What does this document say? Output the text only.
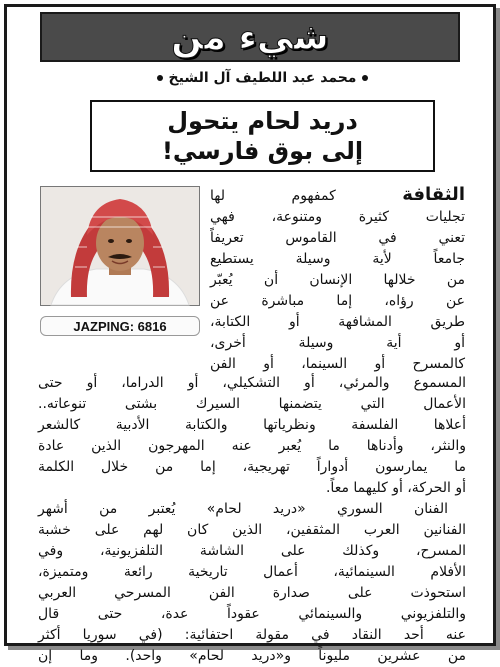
شيء من
محمد عبد اللطيف آل الشيخ
دريد لحام يتحول
إلى بوق فارسي!
JAZPING: 6816
الثقافة كمفهوم لها
تجليات كثيرة ومتنوعة، فهي
تعني في القاموس تعريفاً
جامعاً لأية وسيلة يستطيع
من خلالها الإنسان أن يُعبّر
عن رؤاه، إما مباشرة عن
طريق المشافهة أو الكتابة،
أو أية وسيلة أخرى،
كالمسرح أو السينما، أو الفن
المسموع والمرئي، أو التشكيلي، أو الدراما، أو حتى
الأعمال التي يتضمنها السيرك بشتى تنوعاته..
أعلاها الفلسفة ونظرياتها والكتابة الأدبية كالشعر
والنثر، وأدناها ما يُعبر عنه المهرجون الذين عادة
ما يمارسون أدواراً تهريجية، إما من خلال الكلمة
أو الحركة، أو كليهما معاً.
الفنان السوري «دريد لحام» يُعتبر من أشهر
الفنانين العرب المثقفين، الذين كان لهم على خشبة
المسرح، وكذلك على الشاشة التلفزيونية، وفي
الأفلام السينمائية، أعمال تاريخية رائعة ومتميزة،
استحوذت على صدارة الفن المسرحي العربي
والتلفزيوني والسينمائي عقوداً عدة، حتى قال
عنه أحد النقاد في مقولة احتفائية: (في سوريا أكثر
من عشرين مليوناً و«دريد لحام» واحد). وما إن
